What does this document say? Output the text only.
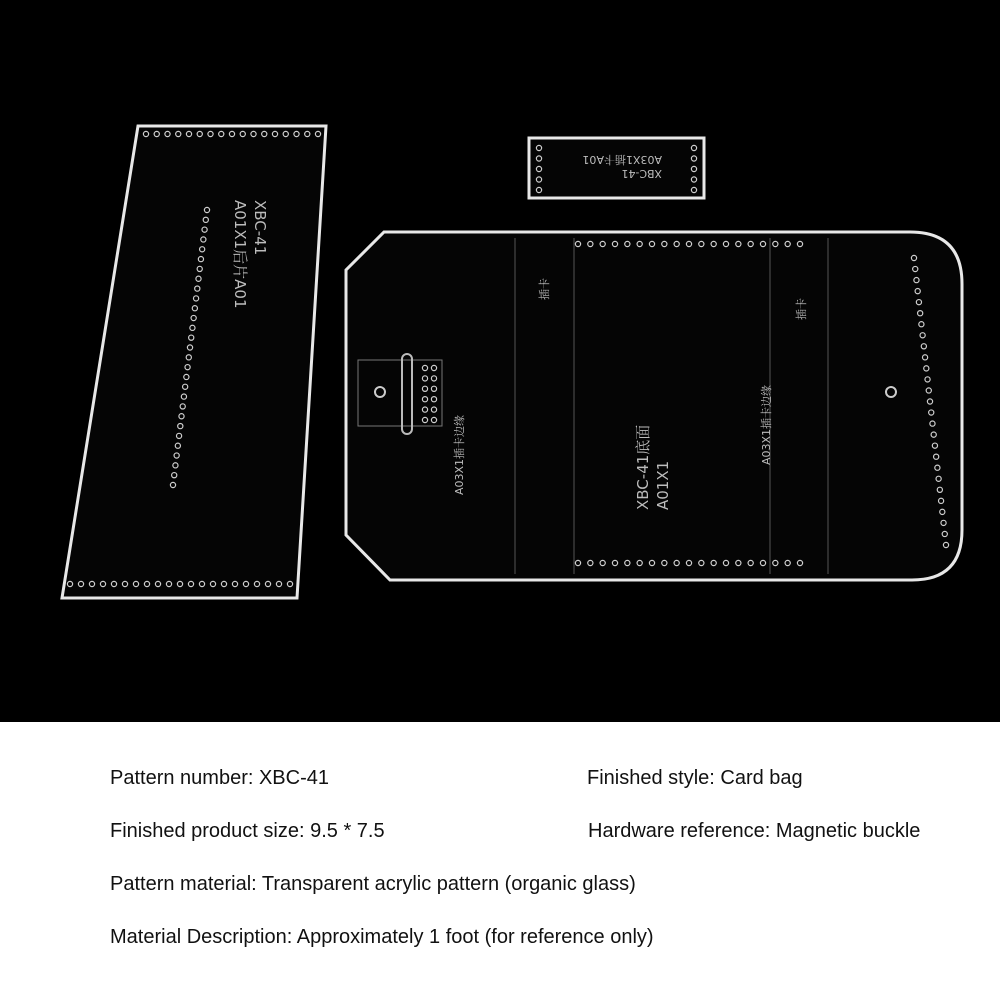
XBC-41
A01X1后片A01
XBC-41
A03X1插卡A01
XBC-41底面 A01X1
A03X1插卡边缘	A03X1插卡边缘
插卡
插卡
Pattern number: XBC-41	Finished style: Card bag
Finished product size: 9.5 * 7.5	Hardware reference: Magnetic buckle
Pattern material: Transparent acrylic pattern (organic glass)
Material Description: Approximately 1 foot (for reference only)
